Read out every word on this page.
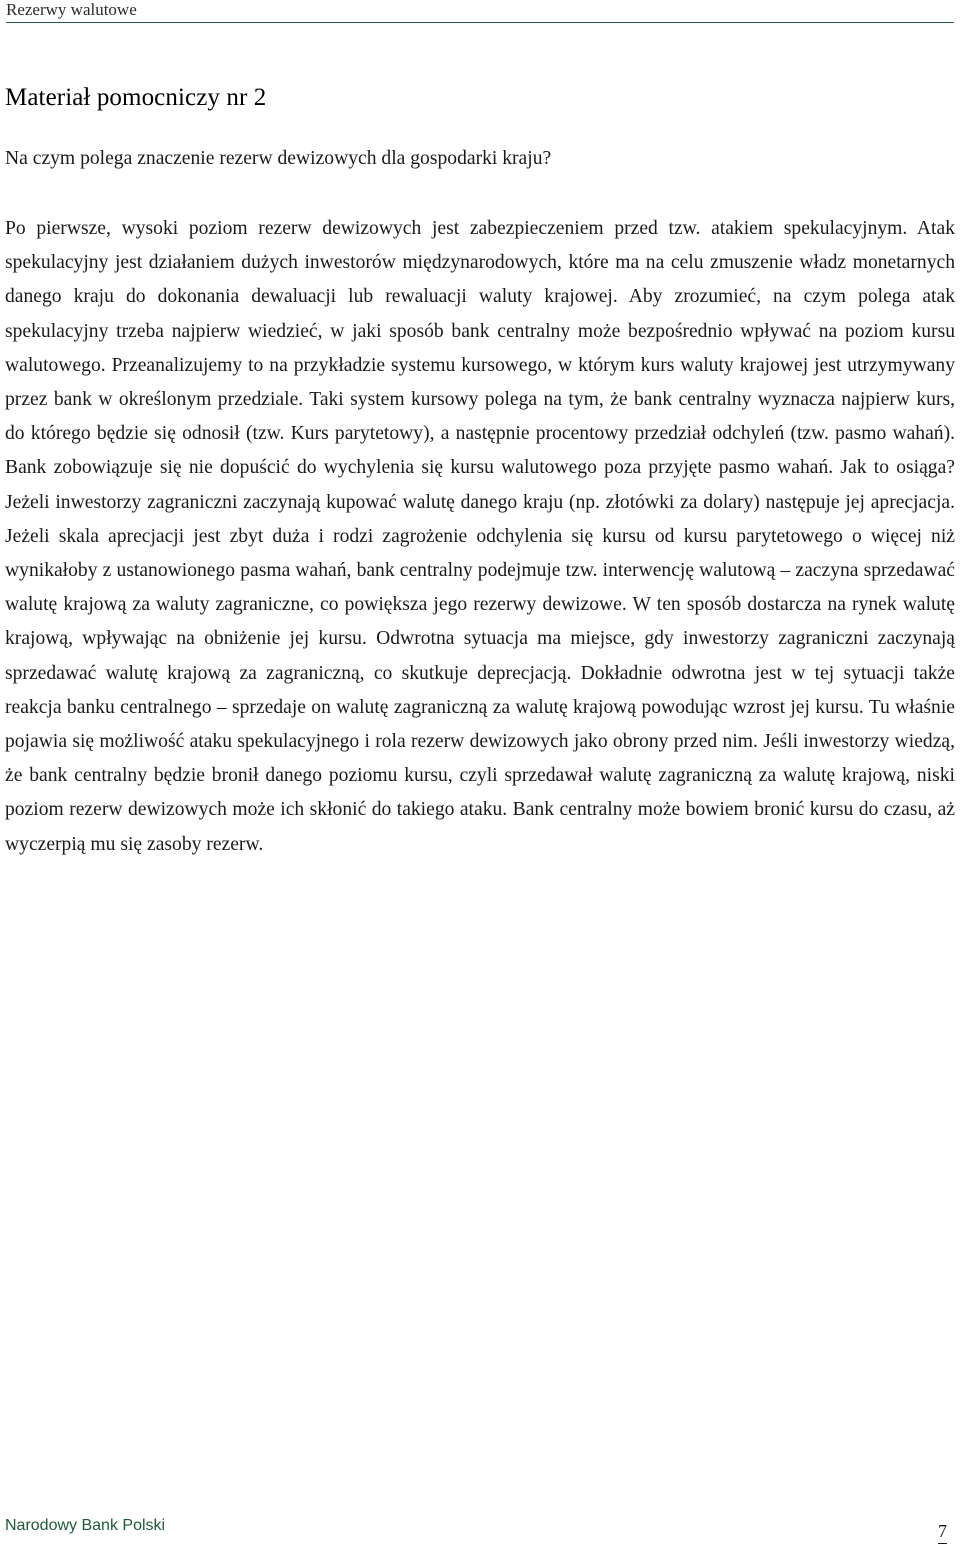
Rezerwy walutowe
Materiał pomocniczy nr 2

Na czym polega znaczenie rezerw dewizowych dla gospodarki kraju?

Po pierwsze, wysoki poziom rezerw dewizowych jest zabezpieczeniem przed tzw. atakiem spekulacyjnym. Atak spekulacyjny jest działaniem dużych inwestorów międzynarodowych, które ma na celu zmuszenie władz monetarnych danego kraju do dokonania dewaluacji lub rewaluacji waluty krajowej. Aby zrozumieć, na czym polega atak spekulacyjny trzeba najpierw wiedzieć, w jaki sposób bank centralny może bezpośrednio wpływać na poziom kursu walutowego. Przeanalizujemy to na przykładzie systemu kursowego, w którym kurs waluty krajowej jest utrzymywany przez bank w określonym przedziale. Taki system kursowy polega na tym, że bank centralny wyznacza najpierw kurs, do którego będzie się odnosił (tzw. Kurs parytetowy), a następnie procentowy przedział odchyleń (tzw. pasmo wahań). Bank zobowiązuje się nie dopuścić do wychylenia się kursu walutowego poza przyjęte pasmo wahań. Jak to osiąga? Jeżeli inwestorzy zagraniczni zaczynają kupować walutę danego kraju (np. złotówki za dolary) następuje jej aprecjacja. Jeżeli skala aprecjacji jest zbyt duża i rodzi zagrożenie odchylenia się kursu od kursu parytetowego o więcej niż wynikałoby z ustanowionego pasma wahań, bank centralny podejmuje tzw. interwencję walutową – zaczyna sprzedawać walutę krajową za waluty zagraniczne, co powiększa jego rezerwy dewizowe. W ten sposób dostarcza na rynek walutę krajową, wpływając na obniżenie jej kursu. Odwrotna sytuacja ma miejsce, gdy inwestorzy zagraniczni zaczynają sprzedawać walutę krajową za zagraniczną, co skutkuje deprecjacją. Dokładnie odwrotna jest w tej sytuacji także reakcja banku centralnego – sprzedaje on walutę zagraniczną za walutę krajową powodując wzrost jej kursu. Tu właśnie pojawia się możliwość ataku spekulacyjnego i rola rezerw dewizowych jako obrony przed nim. Jeśli inwestorzy wiedzą, że bank centralny będzie bronił danego poziomu kursu, czyli sprzedawał walutę zagraniczną za walutę krajową, niski poziom rezerw dewizowych może ich skłonić do takiego ataku. Bank centralny może bowiem bronić kursu do czasu, aż wyczerpią mu się zasoby rezerw.

Narodowy Bank Polski	7
